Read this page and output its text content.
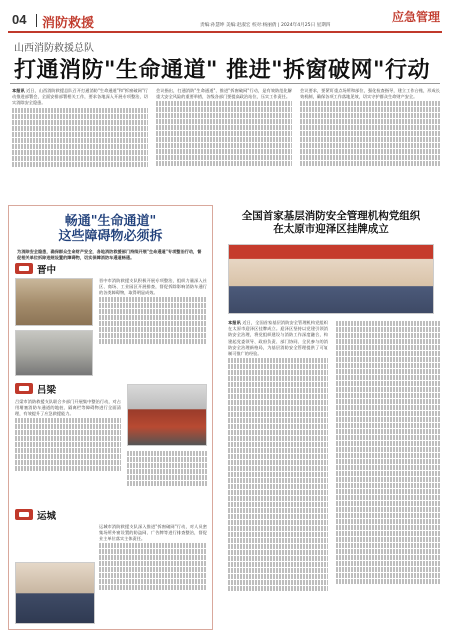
04 消防救援	应急管理
责编:孙慧坤 美编:赵淑宏 校对:杨丽倩 | 2024年4月25日 星期四
山西消防救援总队
打通消防"生命通道" 推进"拆窗破网"行动
本报讯 近日，山西消防救援总队召开打通消防"生命通道"和"拆窗破网"行动推进部署会，全面安排部署相关工作，要求各地深入开展专项整治，切实消除安全隐患。
会议指出，打通消防"生命通道"、推进"拆窗破网"行动，是有效防范化解重大安全风险的重要举措，各级各部门要提高政治站位，压实工作责任。
会议要求，要紧盯重点场所和部位，强化检查指导，建立工作台账，形成长效机制，确保各项工作落地见效，切实守护群众生命财产安全。
畅通"生命通道"
这些障碍物必须拆
为消除安全隐患，确保群众生命财产安全，各地消防救援部门持续开展"生命通道"专项整治行动，督促相关单位拆除违规设置的障碍物，切实保障消防车通道畅通。
晋中
晋中市消防救援支队积极开展专项整治，组织力量深入社区、商场、工业园区开展排查，督促拆除影响消防车通行的各类障碍物，取得明显成效。
吕梁
吕梁市消防救援支队联合多部门开展集中整治行动，对占用堵塞消防车通道的地桩、隔离栏等障碍物进行全面清理，有效提升了应急救援能力。
运城
运城市消防救援支队深入推进"拆窗破网"行动，对人员密集场所外窗设置的防盗网、广告牌等进行排查整治，督促业主单位落实主体责任。
全国首家基层消防安全管理机构党组织
在太原市迎泽区挂牌成立
本报讯 近日，全国首家基层消防安全管理机构党组织在太原市迎泽区挂牌成立。迎泽区坚持以党建引领消防安全治理，将党组织建设与消防工作深度融合，构建起党委领导、政府负责、部门协同、全民参与的消防安全治理新格局，为基层消防安全管理提供了可复制可推广的经验。
